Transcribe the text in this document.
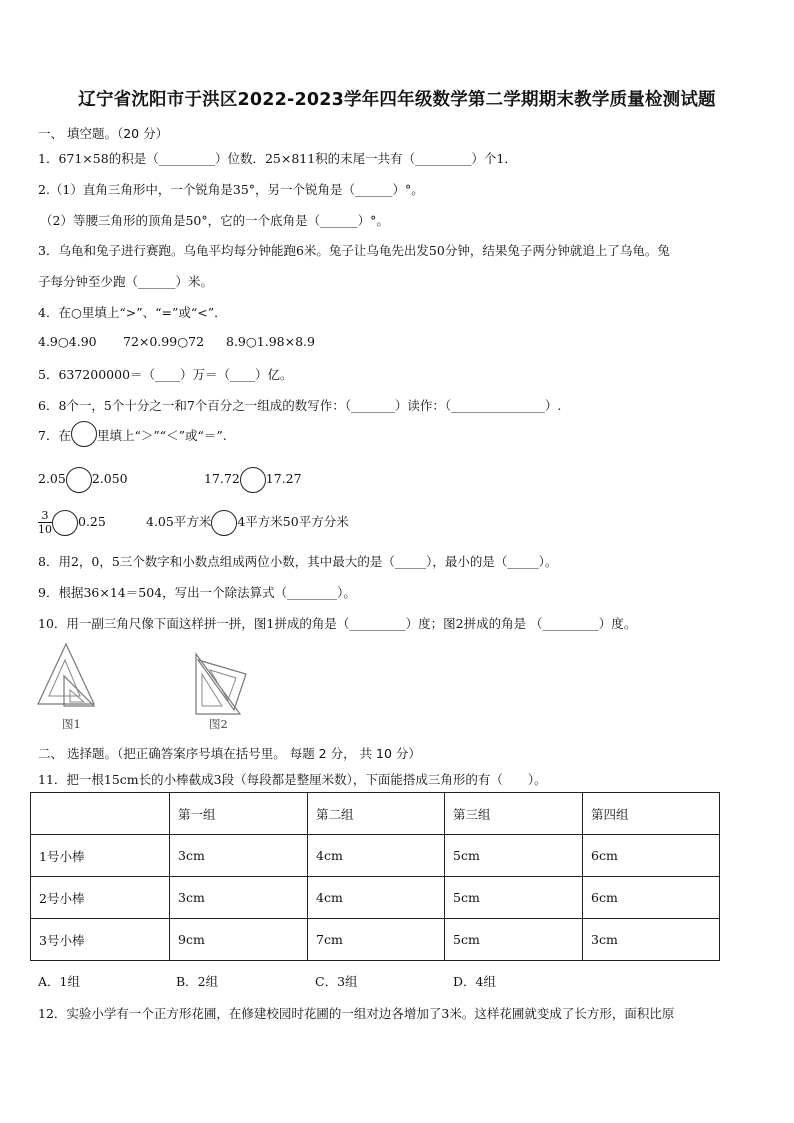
辽宁省沈阳市于洪区2022-2023学年四年级数学第二学期期末教学质量检测试题
一、 填空题。（20 分）
1．671×58的积是（_________）位数．25×811积的末尾一共有（_________）个1．
2.（1）直角三角形中，一个锐角是35°，另一个锐角是（______）°。
（2）等腰三角形的顶角是50°，它的一个底角是（______）°。
3．乌龟和兔子进行赛跑。乌龟平均每分钟能跑6米。兔子让乌龟先出发50分钟，结果兔子两分钟就追上了乌龟。兔
子每分钟至少跑（______）米。
4．在○里填上“>”、“=”或“<”．
4.9○4.90 72×0.99○72 8.9○1.98×8.9
5．637200000＝（____）万＝（____）亿。
6．8个一，5个十分之一和7个百分之一组成的数写作：（_______）读作：（_______________）.
7．在 里填上“＞”“＜”或“＝”.
2.05 2.050	17.72 17.27
$\frac{3}{10} 0.25$	4.05平方米 4平方米50平方分米
8．用2，0，5三个数字和小数点组成两位小数，其中最大的是（_____），最小的是（_____）。
9．根据36×14＝504，写出一个除法算式（________）。
10．用一副三角尺像下面这样拼一拼，图1拼成的角是（_________）度；图2拼成的角是 （_________）度。
图1	图2
二、 选择题。（把正确答案序号填在括号里。 每题 2 分， 共 10 分）
11．把一根15cm长的小棒截成3段（每段都是整厘米数），下面能搭成三角形的有（　　）。
	第一组	第二组	第三组	第四组
1号小棒	3cm	4cm	5cm	6cm
2号小棒	3cm	4cm	5cm	6cm
3号小棒	9cm	7cm	5cm	3cm
A．1组	B．2组	C．3组	D．4组
12．实验小学有一个正方形花圃，在修建校园时花圃的一组对边各增加了3米。这样花圃就变成了长方形，面积比原
